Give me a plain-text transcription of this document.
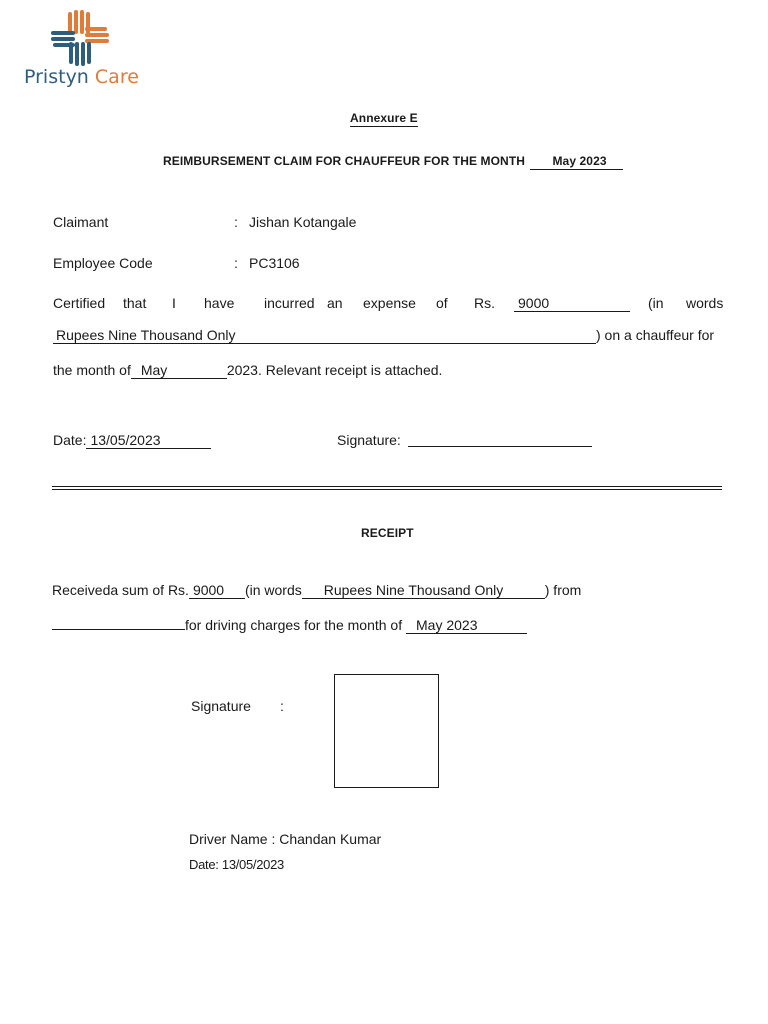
Pristyn Care
Annexure E
REIMBURSEMENT CLAIM FOR CHAUFFEUR FOR THE MONTH May 2023
Claimant	: Jishan Kotangale
Employee Code	: PC3106
Certified that I have incurred an expense of Rs. 9000	(in words
Rupees Nine Thousand Only	) on a chauffeur for
the month of May	2023. Relevant receipt is attached.
Date: 13/05/2023	Signature:
RECEIPT
Receiveda sum of Rs. 9000 (in words Rupees Nine Thousand Only	) from
for driving charges for the month of May 2023
Signature :
Driver Name : Chandan Kumar
Date: 13/05/2023
